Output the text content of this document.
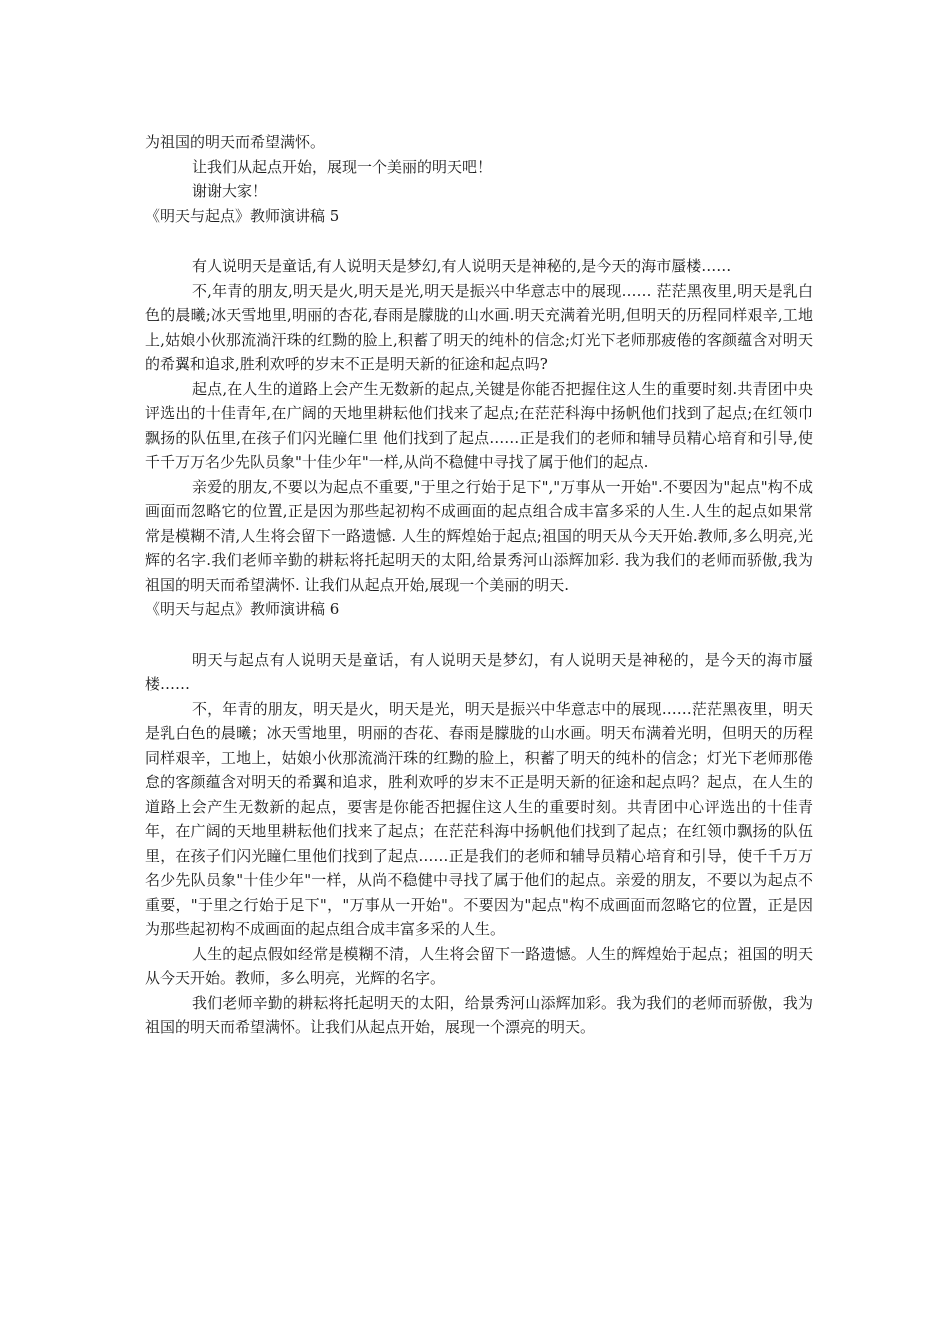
为祖国的明天而希望满怀。

让我们从起点开始，展现一个美丽的明天吧！

谢谢大家！

《明天与起点》教师演讲稿 5

有人说明天是童话,有人说明天是梦幻,有人说明天是神秘的,是今天的海市蜃楼……

不,年青的朋友,明天是火,明天是光,明天是振兴中华意志中的展现…… 茫茫黑夜里,明天是乳白色的晨曦;冰天雪地里,明丽的杏花,春雨是朦胧的山水画.明天充满着光明,但明天的历程同样艰辛,工地上,姑娘小伙那流淌汗珠的红黝的脸上,积蓄了明天的纯朴的信念;灯光下老师那疲倦的客颜蕴含对明天的希翼和追求,胜利欢呼的岁末不正是明天新的征途和起点吗?

起点,在人生的道路上会产生无数新的起点,关键是你能否把握住这人生的重要时刻.共青团中央评选出的十佳青年,在广阔的天地里耕耘他们找来了起点;在茫茫科海中扬帆他们找到了起点;在红领巾飘扬的队伍里,在孩子们闪光瞳仁里 他们找到了起点……正是我们的老师和辅导员精心培育和引导,使千千万万名少先队员象"十佳少年"一样,从尚不稳健中寻找了属于他们的起点.

亲爱的朋友,不要以为起点不重要,"于里之行始于足下","万事从一开始".不要因为"起点"构不成画面而忽略它的位置,正是因为那些起初构不成画面的起点组合成丰富多采的人生.人生的起点如果常常是模糊不清,人生将会留下一路遗憾. 人生的辉煌始于起点;祖国的明天从今天开始.教师,多么明亮,光辉的名字.我们老师辛勤的耕耘将托起明天的太阳,给景秀河山添辉加彩. 我为我们的老师而骄傲,我为祖国的明天而希望满怀. 让我们从起点开始,展现一个美丽的明天.

《明天与起点》教师演讲稿 6

明天与起点有人说明天是童话，有人说明天是梦幻，有人说明天是神秘的，是今天的海市蜃楼……

不，年青的朋友，明天是火，明天是光，明天是振兴中华意志中的展现……茫茫黑夜里，明天是乳白色的晨曦；冰天雪地里，明丽的杏花、春雨是朦胧的山水画。明天布满着光明，但明天的历程同样艰辛，工地上，姑娘小伙那流淌汗珠的红黝的脸上，积蓄了明天的纯朴的信念；灯光下老师那倦怠的客颜蕴含对明天的希翼和追求，胜利欢呼的岁末不正是明天新的征途和起点吗？起点，在人生的道路上会产生无数新的起点，要害是你能否把握住这人生的重要时刻。共青团中心评选出的十佳青年，在广阔的天地里耕耘他们找来了起点；在茫茫科海中扬帆他们找到了起点；在红领巾飘扬的队伍里，在孩子们闪光瞳仁里他们找到了起点……正是我们的老师和辅导员精心培育和引导，使千千万万名少先队员象"十佳少年"一样，从尚不稳健中寻找了属于他们的起点。亲爱的朋友，不要以为起点不重要，"于里之行始于足下"，"万事从一开始"。不要因为"起点"构不成画面而忽略它的位置，正是因为那些起初构不成画面的起点组合成丰富多采的人生。

人生的起点假如经常是模糊不清，人生将会留下一路遗憾。人生的辉煌始于起点；祖国的明天从今天开始。教师，多么明亮，光辉的名字。

我们老师辛勤的耕耘将托起明天的太阳，给景秀河山添辉加彩。我为我们的老师而骄傲，我为祖国的明天而希望满怀。让我们从起点开始，展现一个漂亮的明天。
